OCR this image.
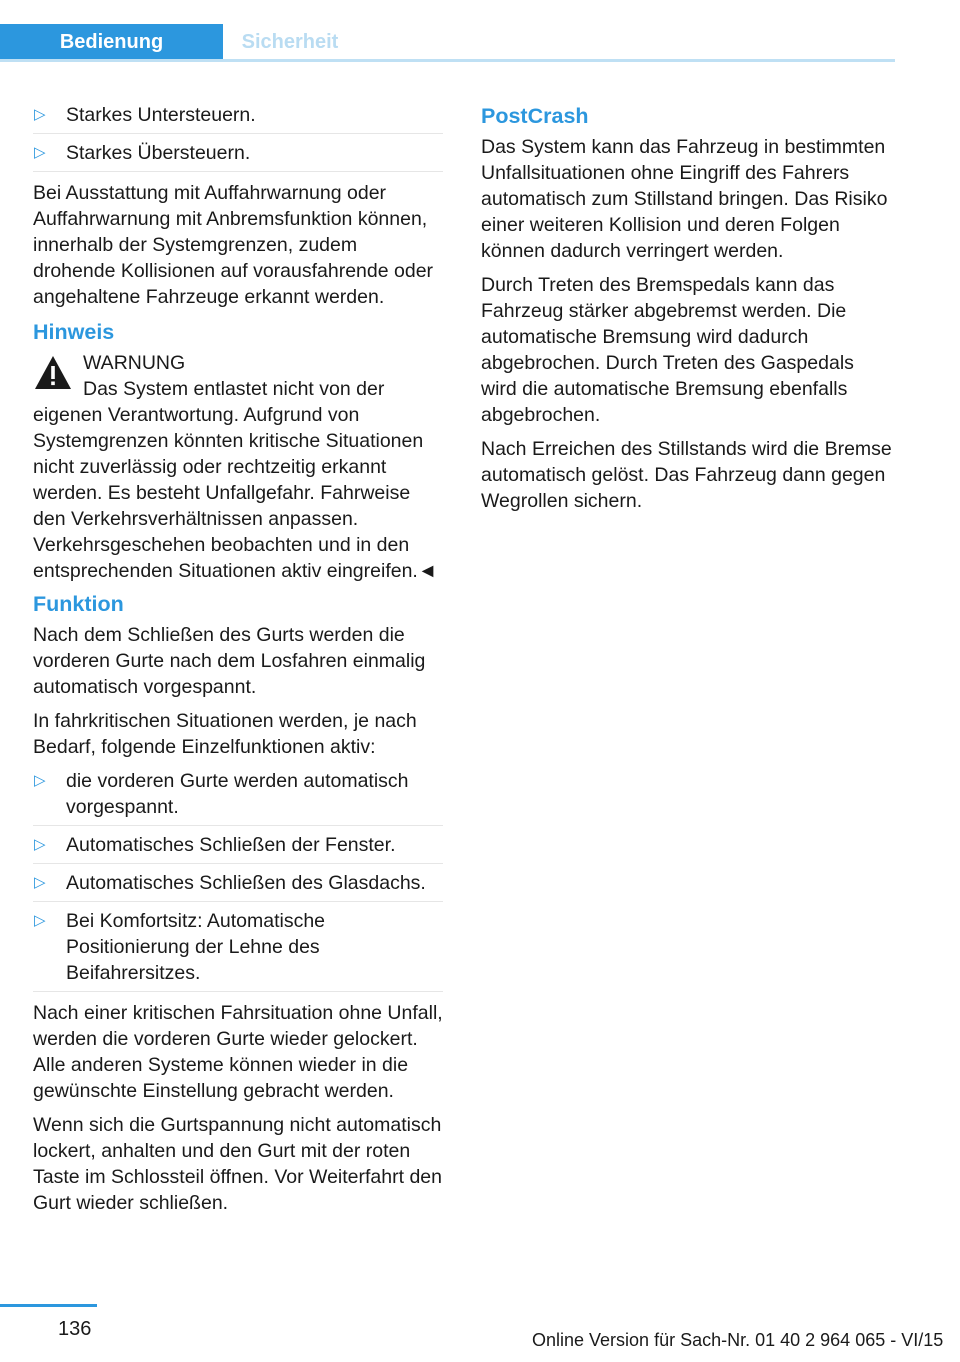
Bedienung	Sicherheit
▷ Starkes Untersteuern.
▷ Starkes Übersteuern.

Bei Ausstattung mit Auffahrwarnung oder Auffahrwarnung mit Anbremsfunktion können, innerhalb der Systemgrenzen, zudem drohende Kollisionen auf vorausfahrende oder angehaltene Fahrzeuge erkannt werden.

Hinweis
WARNUNG
Das System entlastet nicht von der eigenen Verantwortung. Aufgrund von Systemgrenzen könnten kritische Situationen nicht zuverlässig oder rechtzeitig erkannt werden. Es besteht Unfallgefahr. Fahrweise den Verkehrsverhältnissen anpassen. Verkehrsgeschehen beobachten und in den entsprechenden Situationen aktiv eingreifen.◄
Funktion

Nach dem Schließen des Gurts werden die vorderen Gurte nach dem Losfahren einmalig automatisch vorgespannt.

In fahrkritischen Situationen werden, je nach Bedarf, folgende Einzelfunktionen aktiv:

▷ die vorderen Gurte werden automatisch vorgespannt.
▷ Automatisches Schließen der Fenster.
▷ Automatisches Schließen des Glasdachs.
▷ Bei Komfortsitz: Automatische Positionierung der Lehne des Beifahrersitzes.

Nach einer kritischen Fahrsituation ohne Unfall, werden die vorderen Gurte wieder gelockert. Alle anderen Systeme können wieder in die gewünschte Einstellung gebracht werden.

Wenn sich die Gurtspannung nicht automatisch lockert, anhalten und den Gurt mit der roten Taste im Schlossteil öffnen. Vor Weiterfahrt den Gurt wieder schließen.

PostCrash

Das System kann das Fahrzeug in bestimmten Unfallsituationen ohne Eingriff des Fahrers automatisch zum Stillstand bringen. Das Risiko einer weiteren Kollision und deren Folgen können dadurch verringert werden.

Durch Treten des Bremspedals kann das Fahrzeug stärker abgebremst werden. Die automatische Bremsung wird dadurch abgebrochen. Durch Treten des Gaspedals wird die automatische Bremsung ebenfalls abgebrochen.

Nach Erreichen des Stillstands wird die Bremse automatisch gelöst. Das Fahrzeug dann gegen Wegrollen sichern.

136	Online Version für Sach-Nr. 01 40 2 964 065 - VI/15
